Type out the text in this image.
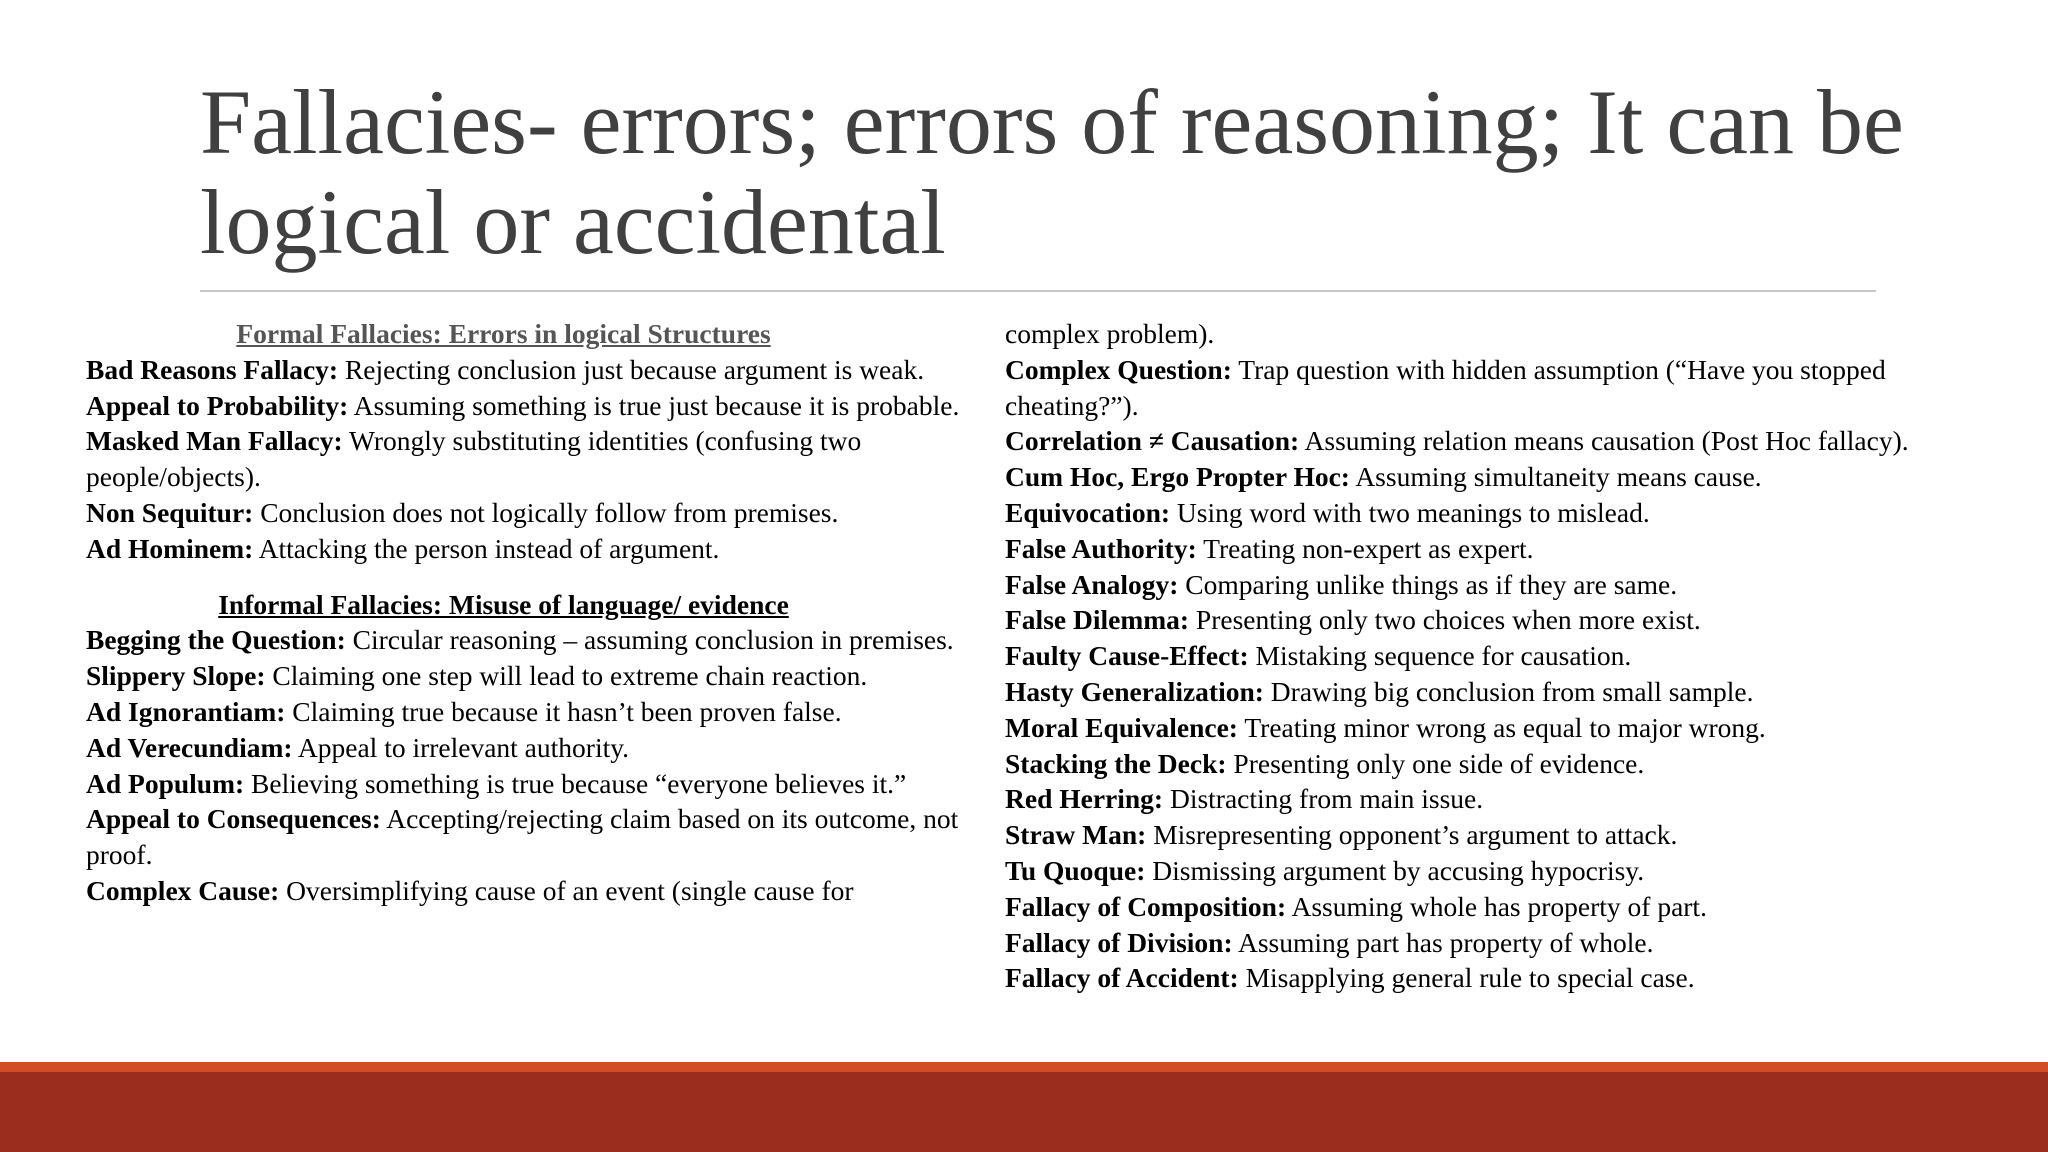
Fallacies- errors; errors of reasoning; It can be logical or accidental
Formal Fallacies: Errors in logical Structures
Bad Reasons Fallacy: Rejecting conclusion just because argument is weak.
Appeal to Probability: Assuming something is true just because it is probable.
Masked Man Fallacy: Wrongly substituting identities (confusing two people/objects).
Non Sequitur: Conclusion does not logically follow from premises.
Ad Hominem: Attacking the person instead of argument.
Informal Fallacies: Misuse of language/ evidence
Begging the Question: Circular reasoning – assuming conclusion in premises.
Slippery Slope: Claiming one step will lead to extreme chain reaction.
Ad Ignorantiam: Claiming true because it hasn’t been proven false.
Ad Verecundiam: Appeal to irrelevant authority.
Ad Populum: Believing something is true because “everyone believes it.”
Appeal to Consequences: Accepting/rejecting claim based on its outcome, not proof.
Complex Cause: Oversimplifying cause of an event (single cause for
complex problem).
Complex Question: Trap question with hidden assumption (“Have you stopped cheating?”).
Correlation ≠ Causation: Assuming relation means causation (Post Hoc fallacy).
Cum Hoc, Ergo Propter Hoc: Assuming simultaneity means cause.
Equivocation: Using word with two meanings to mislead.
False Authority: Treating non-expert as expert.
False Analogy: Comparing unlike things as if they are same.
False Dilemma: Presenting only two choices when more exist.
Faulty Cause-Effect: Mistaking sequence for causation.
Hasty Generalization: Drawing big conclusion from small sample.
Moral Equivalence: Treating minor wrong as equal to major wrong.
Stacking the Deck: Presenting only one side of evidence.
Red Herring: Distracting from main issue.
Straw Man: Misrepresenting opponent’s argument to attack.
Tu Quoque: Dismissing argument by accusing hypocrisy.
Fallacy of Composition: Assuming whole has property of part.
Fallacy of Division: Assuming part has property of whole.
Fallacy of Accident: Misapplying general rule to special case.
